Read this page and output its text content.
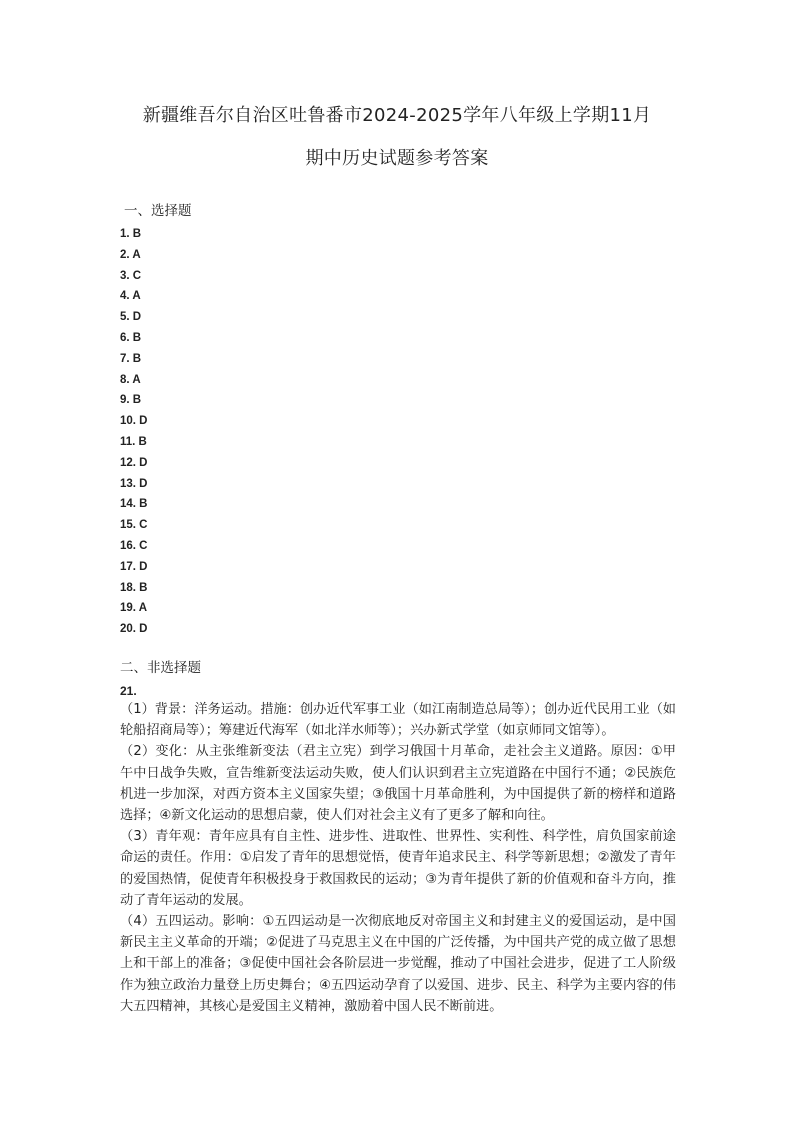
新疆维吾尔自治区吐鲁番市2024-2025学年八年级上学期11月
期中历史试题参考答案
一、选择题
1. B
2. A
3. C
4. A
5. D
6. B
7. B
8. A
9. B
10. D
11. B
12. D
13. D
14. B
15. C
16. C
17. D
18. B
19. A
20. D
二、非选择题
21.

（1）背景：洋务运动。措施：创办近代军事工业（如江南制造总局等）；创办近代民用工业（如轮船招商局等）；筹建近代海军（如北洋水师等）；兴办新式学堂（如京师同文馆等）。

（2）变化：从主张维新变法（君主立宪）到学习俄国十月革命，走社会主义道路。原因：①甲午中日战争失败，宣告维新变法运动失败，使人们认识到君主立宪道路在中国行不通；②民族危机进一步加深，对西方资本主义国家失望；③俄国十月革命胜利，为中国提供了新的榜样和道路选择；④新文化运动的思想启蒙，使人们对社会主义有了更多了解和向往。

（3）青年观：青年应具有自主性、进步性、进取性、世界性、实利性、科学性，肩负国家前途命运的责任。作用：①启发了青年的思想觉悟，使青年追求民主、科学等新思想；②激发了青年的爱国热情，促使青年积极投身于救国救民的运动；③为青年提供了新的价值观和奋斗方向，推动了青年运动的发展。

（4）五四运动。影响：①五四运动是一次彻底地反对帝国主义和封建主义的爱国运动，是中国新民主主义革命的开端；②促进了马克思主义在中国的广泛传播，为中国共产党的成立做了思想上和干部上的准备；③促使中国社会各阶层进一步觉醒，推动了中国社会进步，促进了工人阶级作为独立政治力量登上历史舞台；④五四运动孕育了以爱国、进步、民主、科学为主要内容的伟大五四精神，其核心是爱国主义精神，激励着中国人民不断前进。
